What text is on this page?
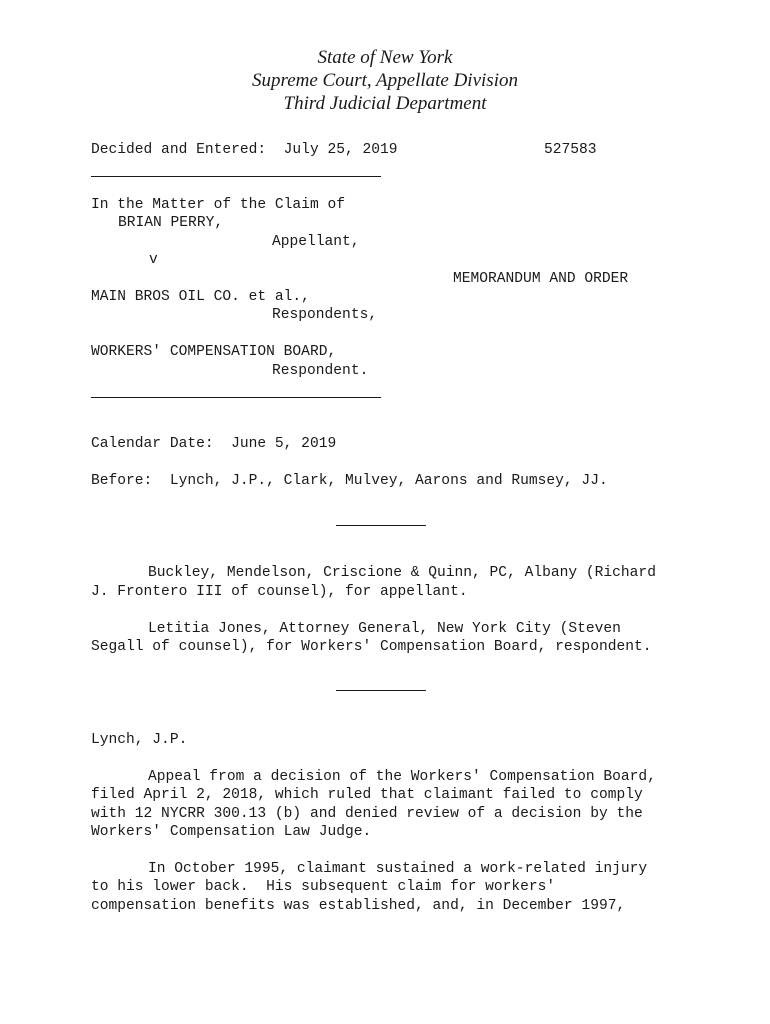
State of New York
Supreme Court, Appellate Division
Third Judicial Department
Decided and Entered:  July 25, 2019	527583
In the Matter of the Claim of
BRIAN PERRY,
Appellant,
v
MEMORANDUM AND ORDER
MAIN BROS OIL CO. et al.,
Respondents,
WORKERS' COMPENSATION BOARD,
Respondent.
Calendar Date:  June 5, 2019
Before:  Lynch, J.P., Clark, Mulvey, Aarons and Rumsey, JJ.
Buckley, Mendelson, Criscione & Quinn, PC, Albany (Richard
J. Frontero III of counsel), for appellant.
Letitia Jones, Attorney General, New York City (Steven
Segall of counsel), for Workers' Compensation Board, respondent.
Lynch, J.P.
Appeal from a decision of the Workers' Compensation Board,
filed April 2, 2018, which ruled that claimant failed to comply
with 12 NYCRR 300.13 (b) and denied review of a decision by the
Workers' Compensation Law Judge.
In October 1995, claimant sustained a work-related injury
to his lower back.  His subsequent claim for workers'
compensation benefits was established, and, in December 1997,
